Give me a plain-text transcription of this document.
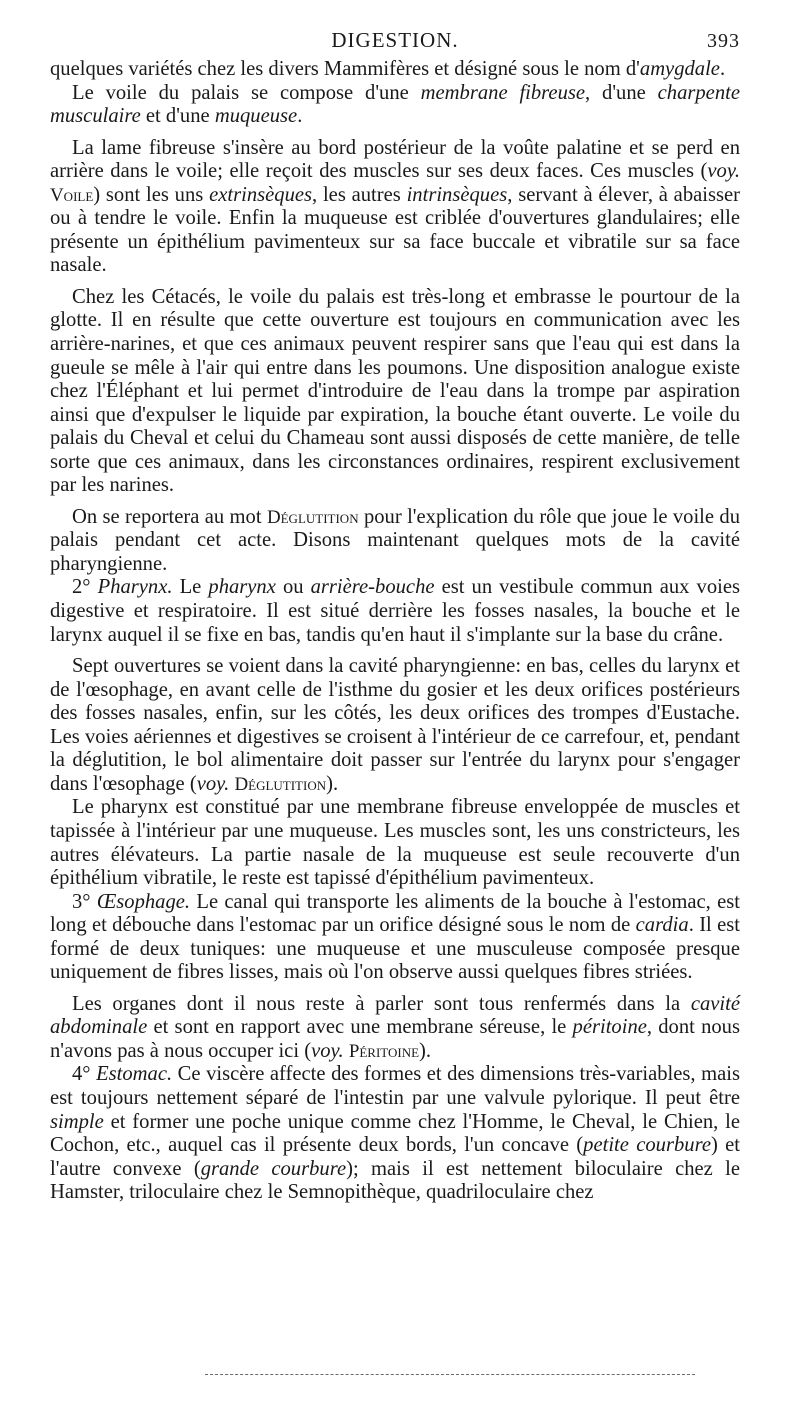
DIGESTION.	393

quelques variétés chez les divers Mammifères et désigné sous le nom d'amygdale.

Le voile du palais se compose d'une membrane fibreuse, d'une charpente musculaire et d'une muqueuse.

La lame fibreuse s'insère au bord postérieur de la voûte palatine et se perd en arrière dans le voile; elle reçoit des muscles sur ses deux faces. Ces muscles (voy. Voile) sont les uns extrinsèques, les autres intrinsèques, servant à élever, à abaisser ou à tendre le voile. Enfin la muqueuse est criblée d'ouvertures glandulaires; elle présente un épithélium pavimenteux sur sa face buccale et vibratile sur sa face nasale.

Chez les Cétacés, le voile du palais est très-long et embrasse le pourtour de la glotte. Il en résulte que cette ouverture est toujours en communication avec les arrière-narines, et que ces animaux peuvent respirer sans que l'eau qui est dans la gueule se mêle à l'air qui entre dans les poumons. Une disposition analogue existe chez l'Éléphant et lui permet d'introduire de l'eau dans la trompe par aspiration ainsi que d'expulser le liquide par expiration, la bouche étant ouverte. Le voile du palais du Cheval et celui du Chameau sont aussi disposés de cette manière, de telle sorte que ces animaux, dans les circonstances ordinaires, respirent exclusivement par les narines.

On se reportera au mot Déglutition pour l'explication du rôle que joue le voile du palais pendant cet acte. Disons maintenant quelques mots de la cavité pharyngienne.

2° Pharynx. Le pharynx ou arrière-bouche est un vestibule commun aux voies digestive et respiratoire. Il est situé derrière les fosses nasales, la bouche et le larynx auquel il se fixe en bas, tandis qu'en haut il s'implante sur la base du crâne.

Sept ouvertures se voient dans la cavité pharyngienne: en bas, celles du larynx et de l'œsophage, en avant celle de l'isthme du gosier et les deux orifices postérieurs des fosses nasales, enfin, sur les côtés, les deux orifices des trompes d'Eustache. Les voies aériennes et digestives se croisent à l'intérieur de ce carrefour, et, pendant la déglutition, le bol alimentaire doit passer sur l'entrée du larynx pour s'engager dans l'œsophage (voy. Déglutition).

Le pharynx est constitué par une membrane fibreuse enveloppée de muscles et tapissée à l'intérieur par une muqueuse. Les muscles sont, les uns constricteurs, les autres élévateurs. La partie nasale de la muqueuse est seule recouverte d'un épithélium vibratile, le reste est tapissé d'épithélium pavimenteux.

3° Œsophage. Le canal qui transporte les aliments de la bouche à l'estomac, est long et débouche dans l'estomac par un orifice désigné sous le nom de cardia. Il est formé de deux tuniques: une muqueuse et une musculeuse composée presque uniquement de fibres lisses, mais où l'on observe aussi quelques fibres striées.

Les organes dont il nous reste à parler sont tous renfermés dans la cavité abdominale et sont en rapport avec une membrane séreuse, le péritoine, dont nous n'avons pas à nous occuper ici (voy. Péritoine).

4° Estomac. Ce viscère affecte des formes et des dimensions très-variables, mais est toujours nettement séparé de l'intestin par une valvule pylorique. Il peut être simple et former une poche unique comme chez l'Homme, le Cheval, le Chien, le Cochon, etc., auquel cas il présente deux bords, l'un concave (petite courbure) et l'autre convexe (grande courbure); mais il est nettement biloculaire chez le Hamster, triloculaire chez le Semnopithèque, quadriloculaire chez
